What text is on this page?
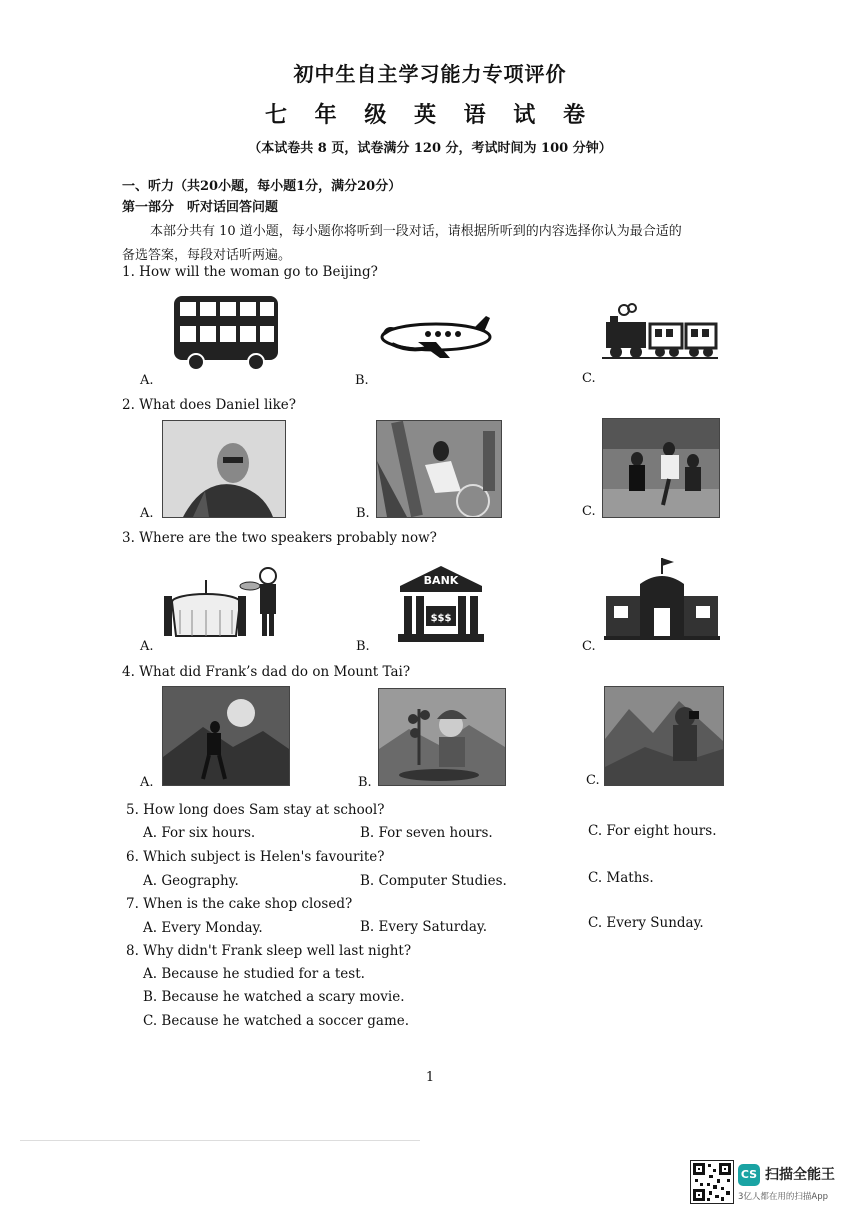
初中生自主学习能力专项评价
七 年 级 英 语 试 卷
（本试卷共 8 页，试卷满分 120 分，考试时间为 100 分钟）
一、听力（共20小题，每小题1分，满分20分）
第一部分　听对话回答问题
本部分共有 10 道小题，每小题你将听到一段对话，请根据所听到的内容选择你认为最合适的
备选答案，每段对话听两遍。
1. How will the woman go to Beijing?
A.	B.	C.
2. What does Daniel like?
A.	B.	C.
3. Where are the two speakers probably now?
A.
BANK
$$$
B.	C.
4. What did Frank’s dad do on Mount Tai?
A.	B.	C.
5. How long does Sam stay at school?
A. For six hours.	B. For seven hours.	C. For eight hours.
6. Which subject is Helen's favourite?
A. Geography.	B. Computer Studies.	C. Maths.
7. When is the cake shop closed?
A. Every Monday.	B. Every Saturday.	C. Every Sunday.
8. Why didn't Frank sleep well last night?
A. Because he studied for a test.
B. Because he watched a scary movie.
C. Because he watched a soccer game.
1
CS 扫描全能王
3亿人都在用的扫描App
